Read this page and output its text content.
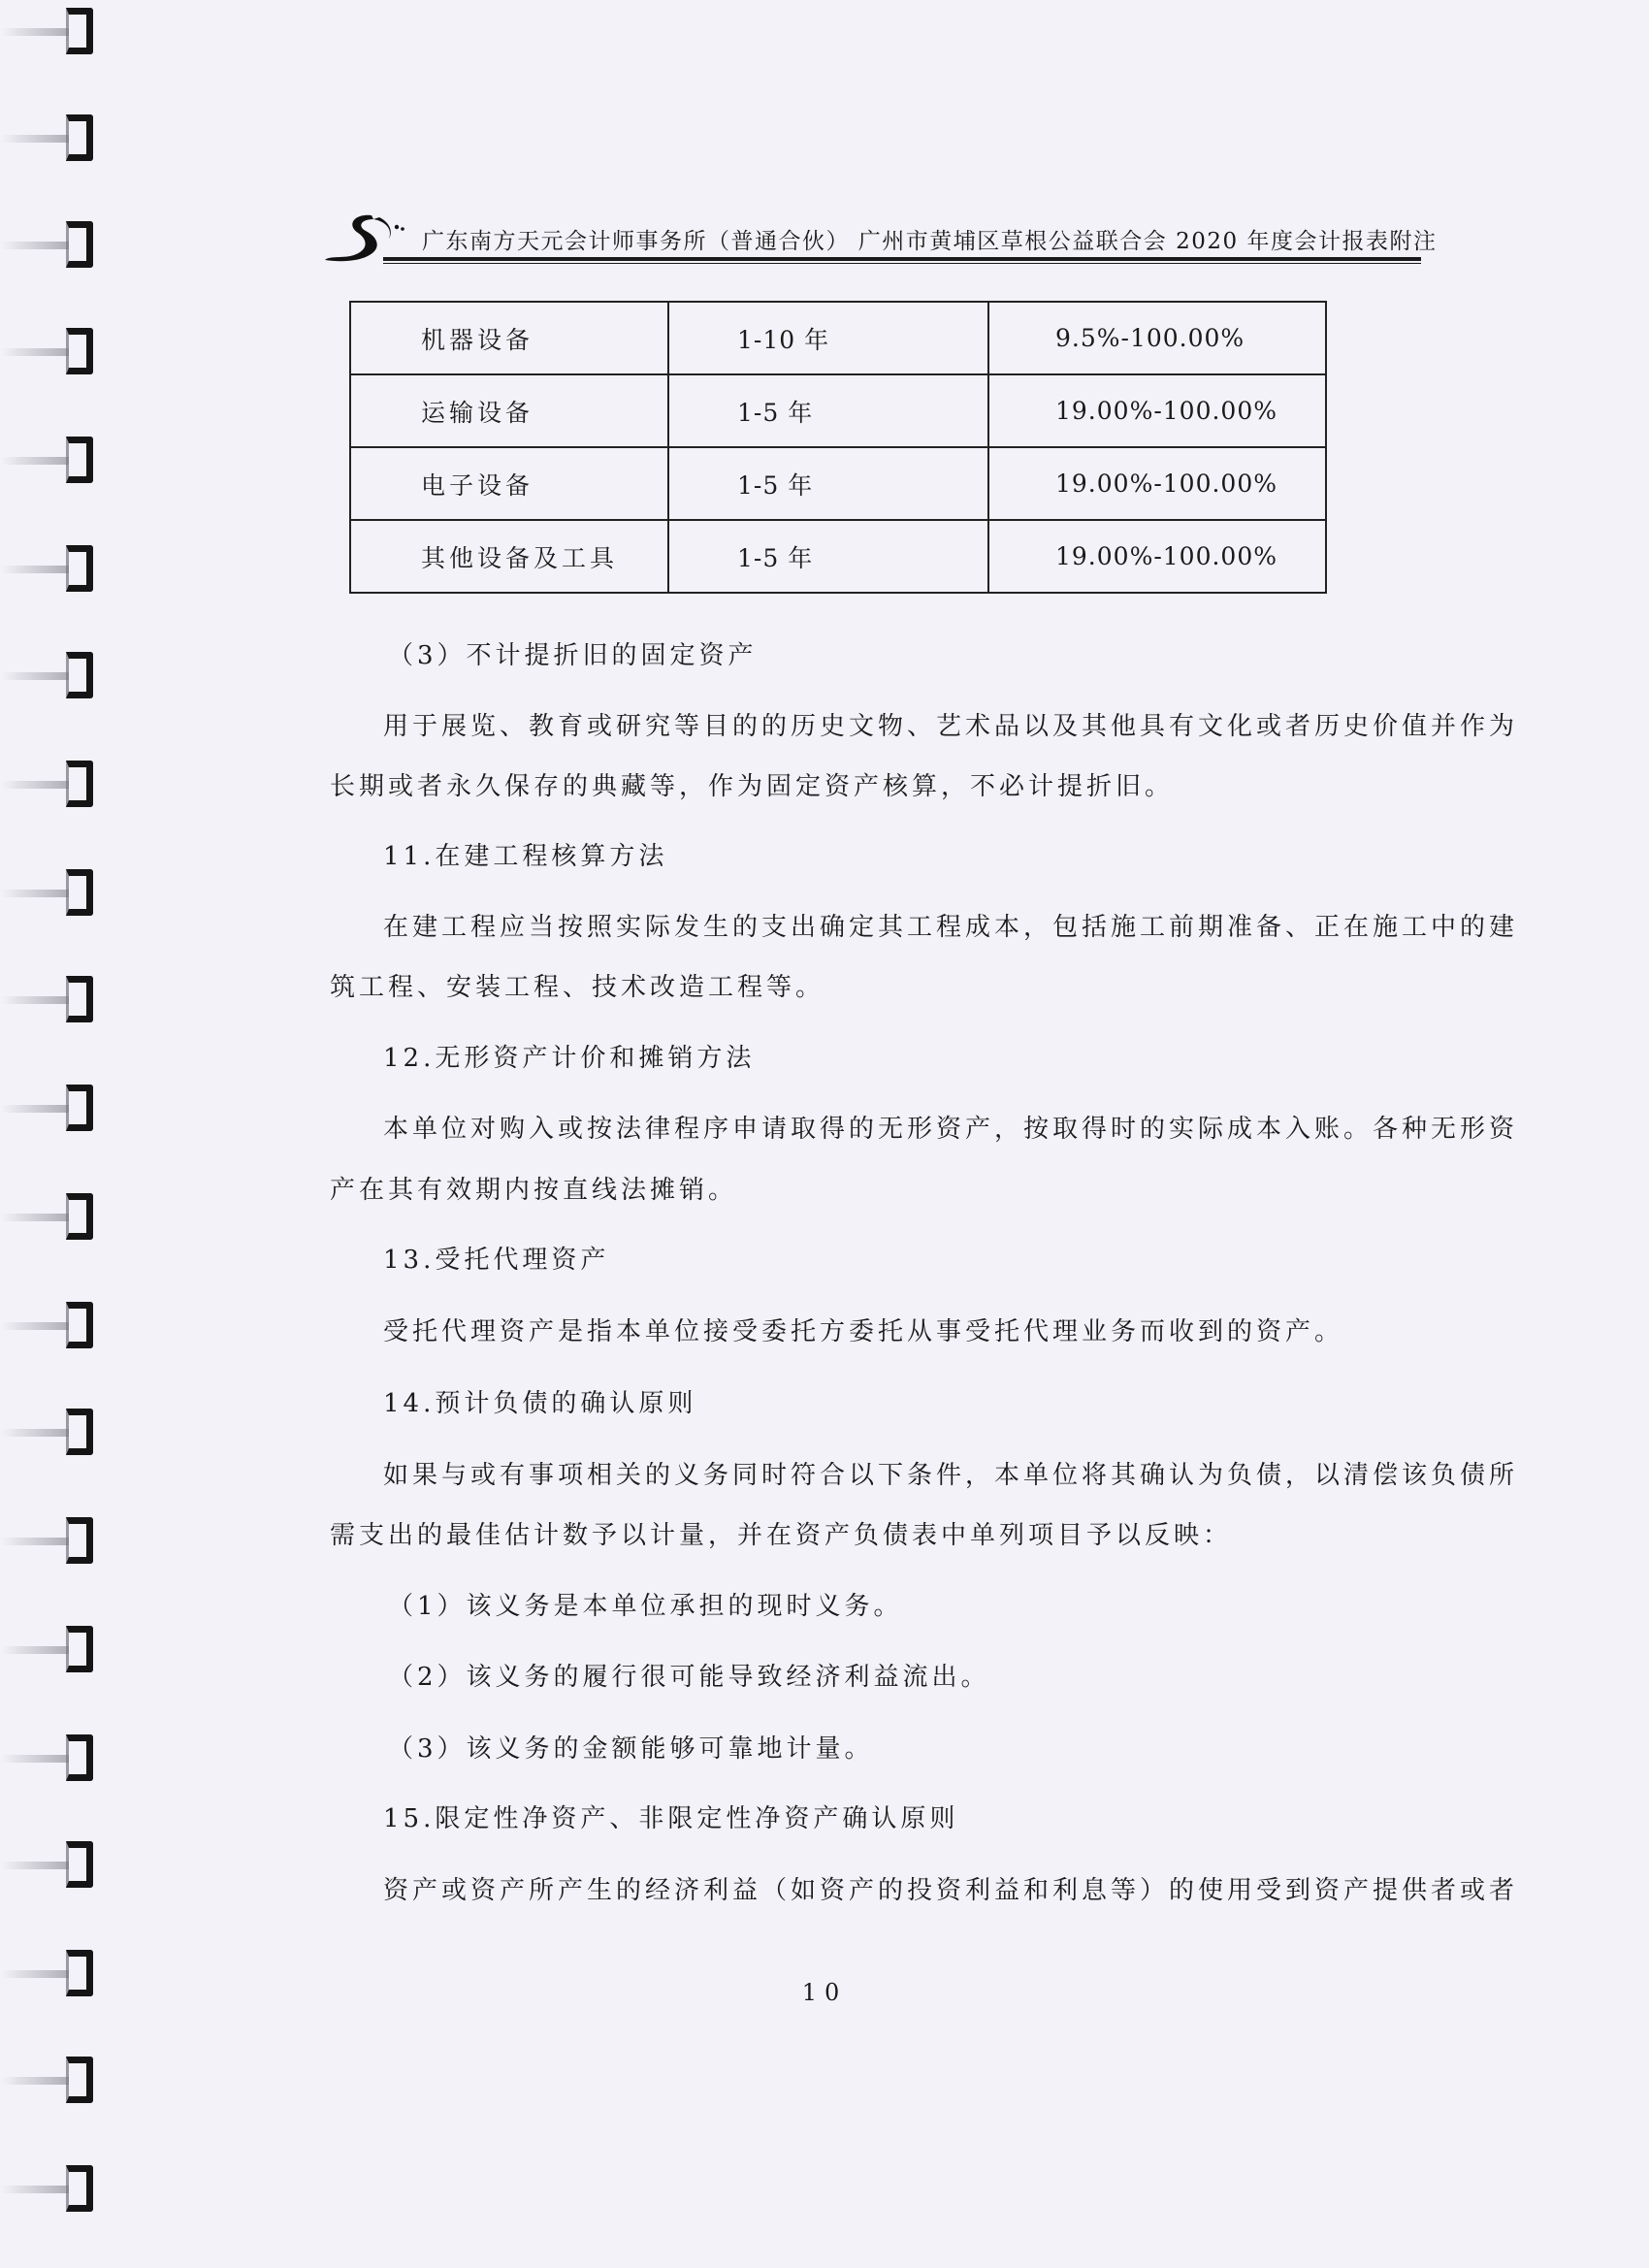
广东南方天元会计师事务所（普通合伙） 广州市黄埔区草根公益联合会 2020 年度会计报表附注
机器设备	1-10 年	9.5%-100.00%
运输设备	1-5 年	19.00%-100.00%
电子设备	1-5 年	19.00%-100.00%
其他设备及工具	1-5 年	19.00%-100.00%
（3）不计提折旧的固定资产
用于展览、教育或研究等目的的历史文物、艺术品以及其他具有文化或者历史价值并作为
长期或者永久保存的典藏等，作为固定资产核算，不必计提折旧。
11.在建工程核算方法
在建工程应当按照实际发生的支出确定其工程成本，包括施工前期准备、正在施工中的建
筑工程、安装工程、技术改造工程等。
12.无形资产计价和摊销方法
本单位对购入或按法律程序申请取得的无形资产，按取得时的实际成本入账。各种无形资
产在其有效期内按直线法摊销。
13.受托代理资产
受托代理资产是指本单位接受委托方委托从事受托代理业务而收到的资产。
14.预计负债的确认原则
如果与或有事项相关的义务同时符合以下条件，本单位将其确认为负债，以清偿该负债所
需支出的最佳估计数予以计量，并在资产负债表中单列项目予以反映：
（1）该义务是本单位承担的现时义务。
（2）该义务的履行很可能导致经济利益流出。
（3）该义务的金额能够可靠地计量。
15.限定性净资产、非限定性净资产确认原则
资产或资产所产生的经济利益（如资产的投资利益和利息等）的使用受到资产提供者或者
10
